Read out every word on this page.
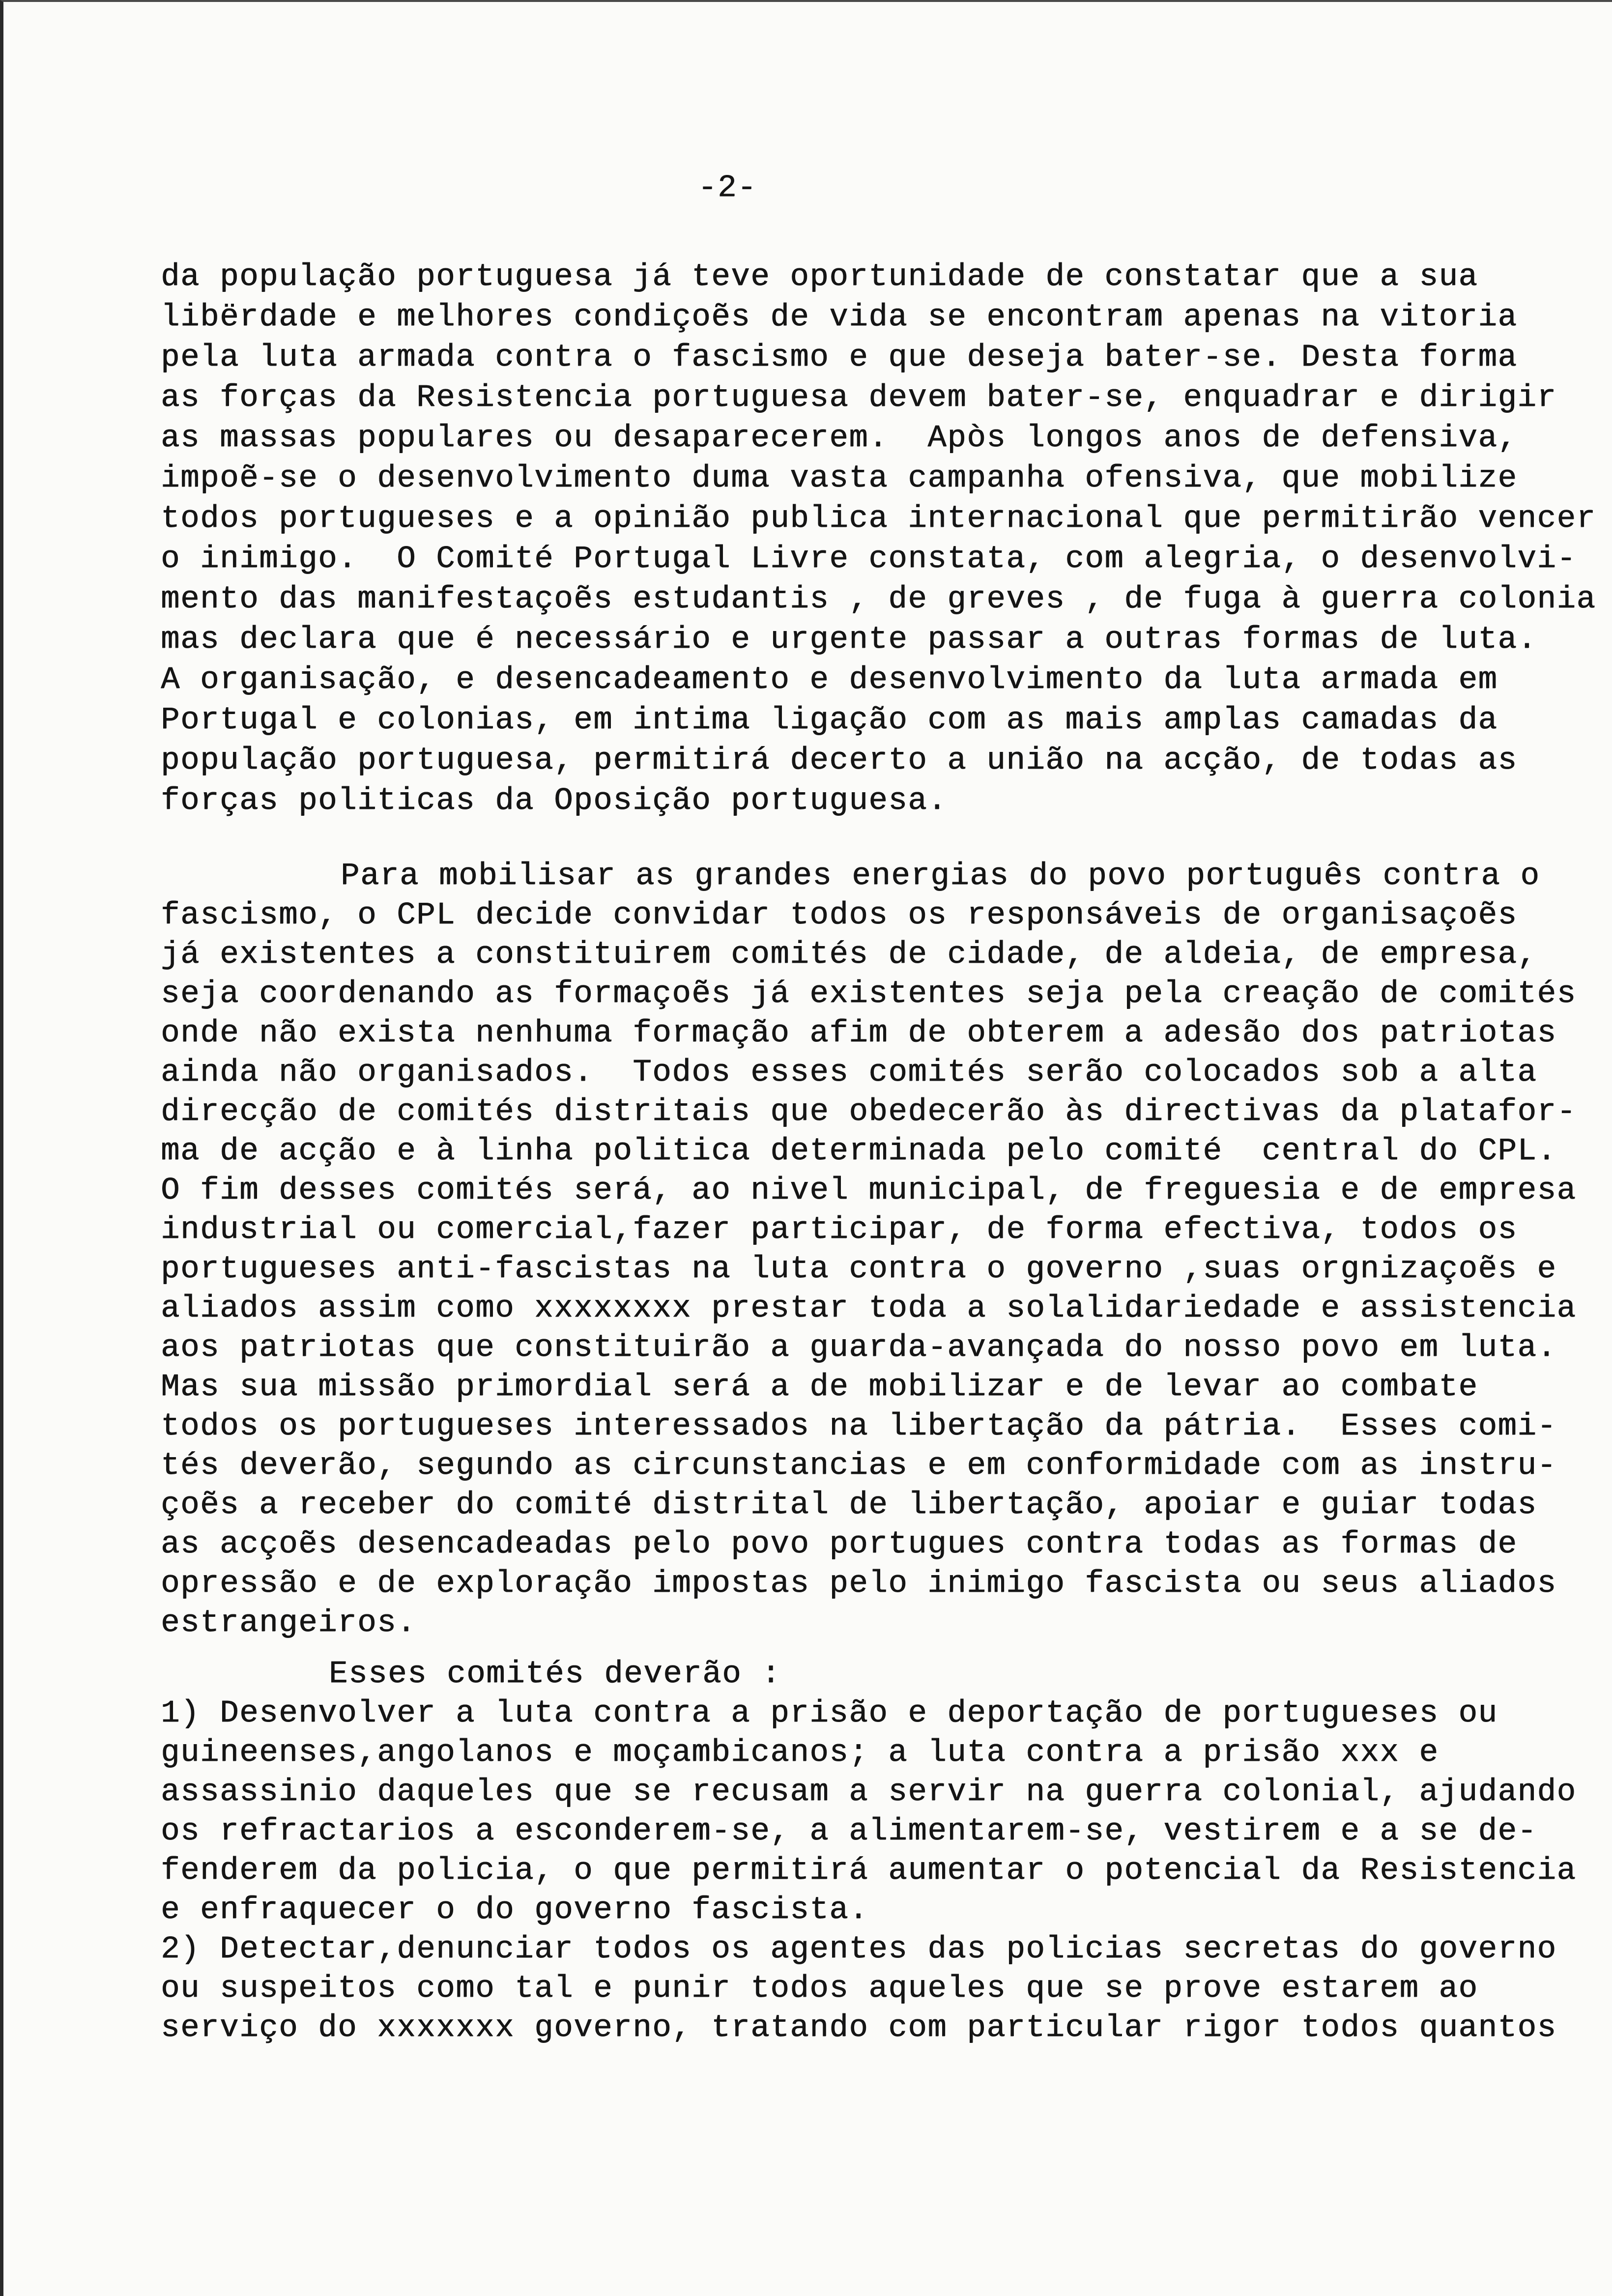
-2-
da população portuguesa já teve oportunidade de constatar que a sua
libërdade e melhores condiçoẽs de vida se encontram apenas na vitoria
pela luta armada contra o fascismo e que deseja bater-se. Desta forma
as forças da Resistencia portuguesa devem bater-se, enquadrar e dirigir
as massas populares ou desaparecerem.  Apòs longos anos de defensiva,
impoẽ-se o desenvolvimento duma vasta campanha ofensiva, que mobilize
todos portugueses e a opinião publica internacional que permitirão vencer
o inimigo.  O Comité Portugal Livre constata, com alegria, o desenvolvi-
mento das manifestaçoẽs estudantis , de greves , de fuga à guerra colonia
mas declara que é necessário e urgente passar a outras formas de luta.
A organisação, e desencadeamento e desenvolvimento da luta armada em
Portugal e colonias, em intima ligação com as mais amplas camadas da
população portuguesa, permitirá decerto a união na acção, de todas as
forças politicas da Oposição portuguesa.
Para mobilisar as grandes energias do povo português contra o
fascismo, o CPL decide convidar todos os responsáveis de organisaçoẽs
já existentes a constituirem comités de cidade, de aldeia, de empresa,
seja coordenando as formaçoẽs já existentes seja pela creação de comités
onde não exista nenhuma formação afim de obterem a adesão dos patriotas
ainda não organisados.  Todos esses comités serão colocados sob a alta
direcção de comités distritais que obedecerão às directivas da platafor-
ma de acção e à linha politica determinada pelo comité  central do CPL.
O fim desses comités será, ao nivel municipal, de freguesia e de empresa
industrial ou comercial,fazer participar, de forma efectiva, todos os
portugueses anti-fascistas na luta contra o governo ,suas orgnizaçoẽs e
aliados assim como xxxxxxxx prestar toda a solalidariedade e assistencia
aos patriotas que constituirão a guarda-avançada do nosso povo em luta.
Mas sua missão primordial será a de mobilizar e de levar ao combate
todos os portugueses interessados na libertação da pátria.  Esses comi-
tés deverão, segundo as circunstancias e em conformidade com as instru-
çoẽs a receber do comité distrital de libertação, apoiar e guiar todas
as acçoẽs desencadeadas pelo povo portugues contra todas as formas de
opressão e de exploração impostas pelo inimigo fascista ou seus aliados
estrangeiros.
Esses comités deverão :
1) Desenvolver a luta contra a prisão e deportação de portugueses ou
guineenses,angolanos e moçambicanos; a luta contra a prisão xxx e
assassinio daqueles que se recusam a servir na guerra colonial, ajudando
os refractarios a esconderem-se, a alimentarem-se, vestirem e a se de-
fenderem da policia, o que permitirá aumentar o potencial da Resistencia
e enfraquecer o do governo fascista.
2) Detectar,denunciar todos os agentes das policias secretas do governo
ou suspeitos como tal e punir todos aqueles que se prove estarem ao
serviço do xxxxxxx governo, tratando com particular rigor todos quantos
